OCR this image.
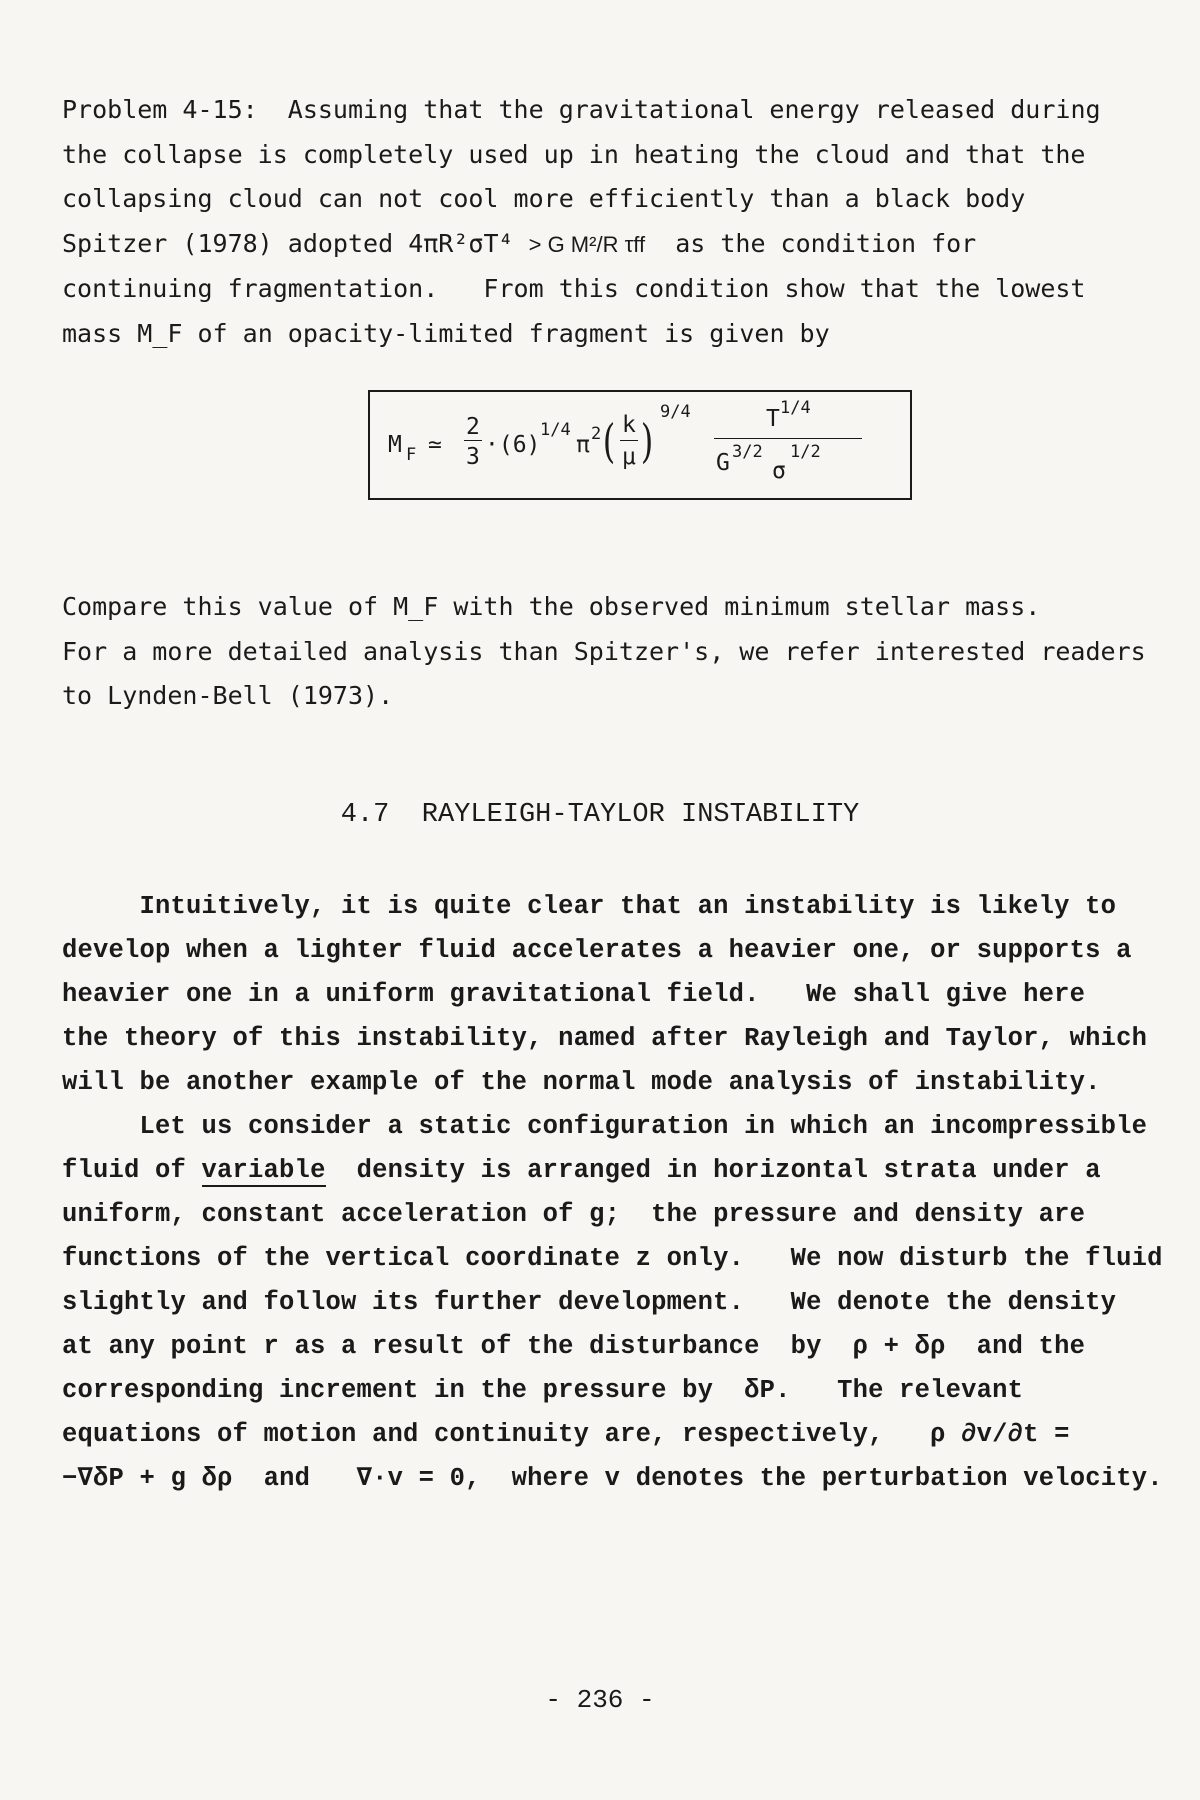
Problem 4-15: Assuming that the gravitational energy released during
the collapse is completely used up in heating the cloud and that the
collapsing cloud can not cool more efficiently than a black body
Spitzer (1978) adopted 4πR²σT⁴ > G M²/R τff as the condition for
continuing fragmentation.   From this condition show that the lowest
mass M_F of an opacity-limited fragment is given by
M F ≃
2
3 ·(6)
1/4
π 2 ( k
μ )
9/4	T 1/4
G 3/2
σ
1/2
Compare this value of M_F with the observed minimum stellar mass.
For a more detailed analysis than Spitzer's, we refer interested readers
to Lynden-Bell (1973).
4.7  RAYLEIGH-TAYLOR INSTABILITY
Intuitively, it is quite clear that an instability is likely to
develop when a lighter fluid accelerates a heavier one, or supports a
heavier one in a uniform gravitational field.   We shall give here
the theory of this instability, named after Rayleigh and Taylor, which
will be another example of the normal mode analysis of instability.
Let us consider a static configuration in which an incompressible
fluid of variable density is arranged in horizontal strata under a
uniform, constant acceleration of g;  the pressure and density are
functions of the vertical coordinate z only.   We now disturb the fluid
slightly and follow its further development.   We denote the density
at any point r as a result of the disturbance  by  ρ + δρ  and the
corresponding increment in the pressure by  δP.   The relevant
equations of motion and continuity are, respectively,   ρ ∂v/∂t =
−∇δP + g δρ  and   ∇·v = 0,  where v denotes the perturbation velocity.
- 236 -
